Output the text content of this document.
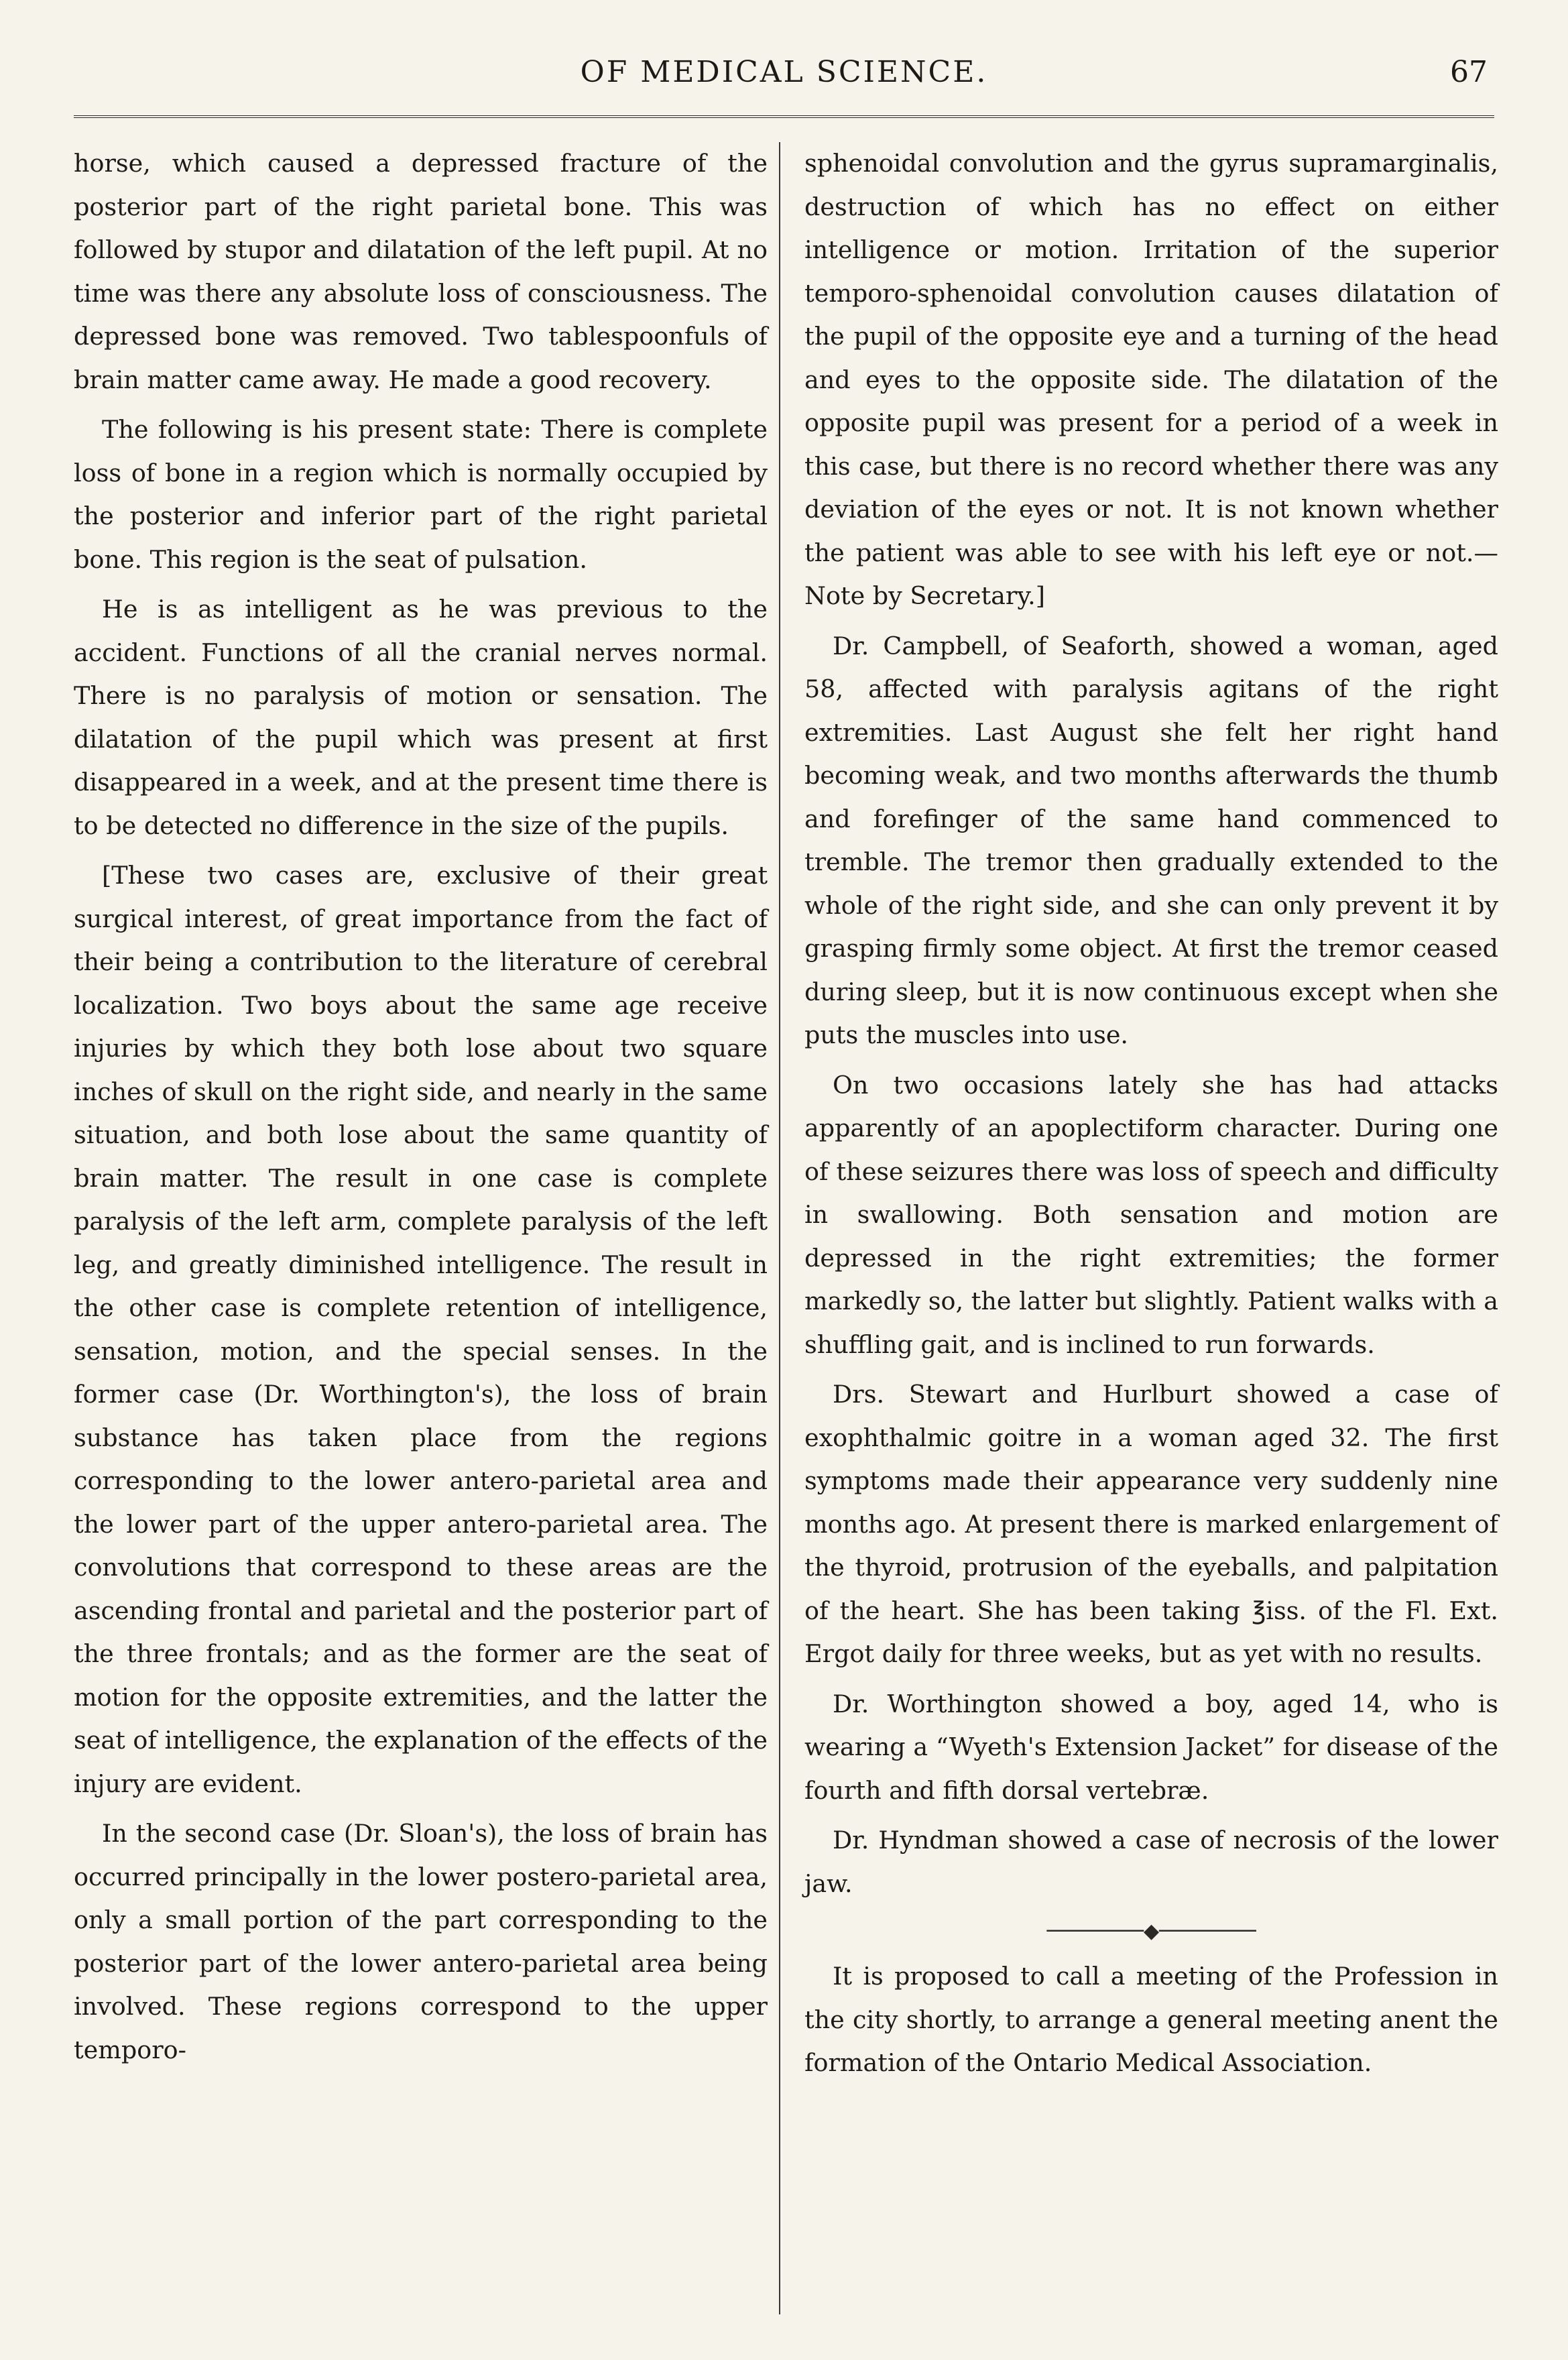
OF MEDICAL SCIENCE.	67

horse, which caused a depressed fracture of the posterior part of the right parietal bone. This was followed by stupor and dilatation of the left pupil. At no time was there any absolute loss of consciousness. The depressed bone was removed. Two tablespoonfuls of brain matter came away. He made a good recovery.

The following is his present state: There is complete loss of bone in a region which is normally occupied by the posterior and inferior part of the right parietal bone. This region is the seat of pulsation.

He is as intelligent as he was previous to the accident. Functions of all the cranial nerves normal. There is no paralysis of motion or sensation. The dilatation of the pupil which was present at first disappeared in a week, and at the present time there is to be detected no difference in the size of the pupils.

[These two cases are, exclusive of their great surgical interest, of great importance from the fact of their being a contribution to the literature of cerebral localization. Two boys about the same age receive injuries by which they both lose about two square inches of skull on the right side, and nearly in the same situation, and both lose about the same quantity of brain matter. The result in one case is complete paralysis of the left arm, complete paralysis of the left leg, and greatly diminished intelligence. The result in the other case is complete retention of intelligence, sensation, motion, and the special senses. In the former case (Dr. Worthington's), the loss of brain substance has taken place from the regions corresponding to the lower antero-parietal area and the lower part of the upper antero-parietal area. The convolutions that correspond to these areas are the ascending frontal and parietal and the posterior part of the three frontals; and as the former are the seat of motion for the opposite extremities, and the latter the seat of intelligence, the explanation of the effects of the injury are evident.

In the second case (Dr. Sloan's), the loss of brain has occurred principally in the lower postero-parietal area, only a small portion of the part corresponding to the posterior part of the lower antero-parietal area being involved. These regions correspond to the upper temporo-

sphenoidal convolution and the gyrus supramarginalis, destruction of which has no effect on either intelligence or motion. Irritation of the superior temporo-sphenoidal convolution causes dilatation of the pupil of the opposite eye and a turning of the head and eyes to the opposite side. The dilatation of the opposite pupil was present for a period of a week in this case, but there is no record whether there was any deviation of the eyes or not. It is not known whether the patient was able to see with his left eye or not.—Note by Secretary.]

Dr. Campbell, of Seaforth, showed a woman, aged 58, affected with paralysis agitans of the right extremities. Last August she felt her right hand becoming weak, and two months afterwards the thumb and forefinger of the same hand commenced to tremble. The tremor then gradually extended to the whole of the right side, and she can only prevent it by grasping firmly some object. At first the tremor ceased during sleep, but it is now continuous except when she puts the muscles into use.

On two occasions lately she has had attacks apparently of an apoplectiform character. During one of these seizures there was loss of speech and difficulty in swallowing. Both sensation and motion are depressed in the right extremities; the former markedly so, the latter but slightly. Patient walks with a shuffling gait, and is inclined to run forwards.

Drs. Stewart and Hurlburt showed a case of exophthalmic goitre in a woman aged 32. The first symptoms made their appearance very suddenly nine months ago. At present there is marked enlargement of the thyroid, protrusion of the eyeballs, and palpitation of the heart. She has been taking ℥iss. of the Fl. Ext. Ergot daily for three weeks, but as yet with no results.

Dr. Worthington showed a boy, aged 14, who is wearing a “Wyeth's Extension Jacket” for disease of the fourth and fifth dorsal vertebræ.

Dr. Hyndman showed a case of necrosis of the lower jaw.

────────◆────────

It is proposed to call a meeting of the Profession in the city shortly, to arrange a general meeting anent the formation of the Ontario Medical Association.
